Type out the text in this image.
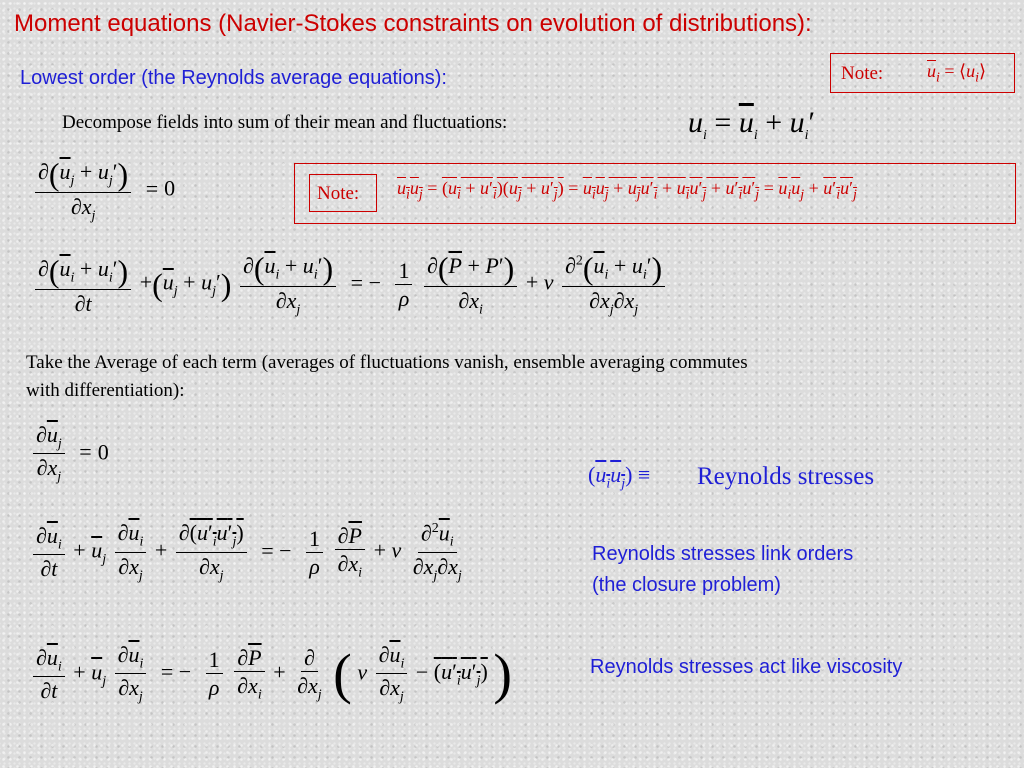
Moment equations (Navier-Stokes constraints on evolution of distributions):
Lowest order (the Reynolds average equations):	Note: $\overline{u}_i$ = $⟨u_i⟩$
Decompose fields into sum of their mean and fluctuations:	$u_i = \overline{u}_i + u_i'$
$\frac{\partial(\overline{u}_j + u_j')}{\partial x_j} = 0$	Note: $u_iu_j = (u_i + u'_i)(u_j + u'_j) = u_iu_j + u_ju'_i + u_iu'_j + u'_iu'_j = \overline{u}_i\overline{u}_j + u'_iu'_j$
$\frac{\partial(\overline{u}_i + u_i')}{\partial t} +(\overline{u}_j + u_j') \frac{\partial(\overline{u}_i + u_i')}{\partial x_j}$ = − $\frac{1}{\rho}$
$\frac{\partial(\overline{P} + P')}{\partial x_i} + \nu \frac{\partial^2(\overline{u}_i + u_i')}{\partial x_j\partial x_j}$
Take the Average of each term (averages of fluctuations vanish, ensemble averaging commutes
with differentiation):
$\frac{\partial\overline{u}_j}{\partial x_j} = 0$
$(u_iu_j)$ ≡ Reynolds stresses
$\frac{\partial\overline{u}_i}{\partial t} + \overline{u}_j \frac{\partial\overline{u}_i}{\partial x_j} + \frac{\partial(u'_iu'_j)}{\partial x_j}$ = − $\frac{1}{\rho}$
$\frac{\partial\overline{P}}{\partial x_i} + \nu \frac{\partial^2\overline{u}_i}{\partial x_j\partial x_j}$	Reynolds stresses link orders
(the closure problem)
$\frac{\partial\overline{u}_i}{\partial t} + \overline{u}_j \frac{\partial\overline{u}_i}{\partial x_j}$ = − $\frac{1}{\rho}$
$\frac{\partial\overline{P}}{\partial x_i} + \frac{\partial}{\partial x_j}$ ( ν $\frac{\partial\overline{u}_i}{\partial x_j} - (u'_iu'_j)$ )	Reynolds stresses act like viscosity
